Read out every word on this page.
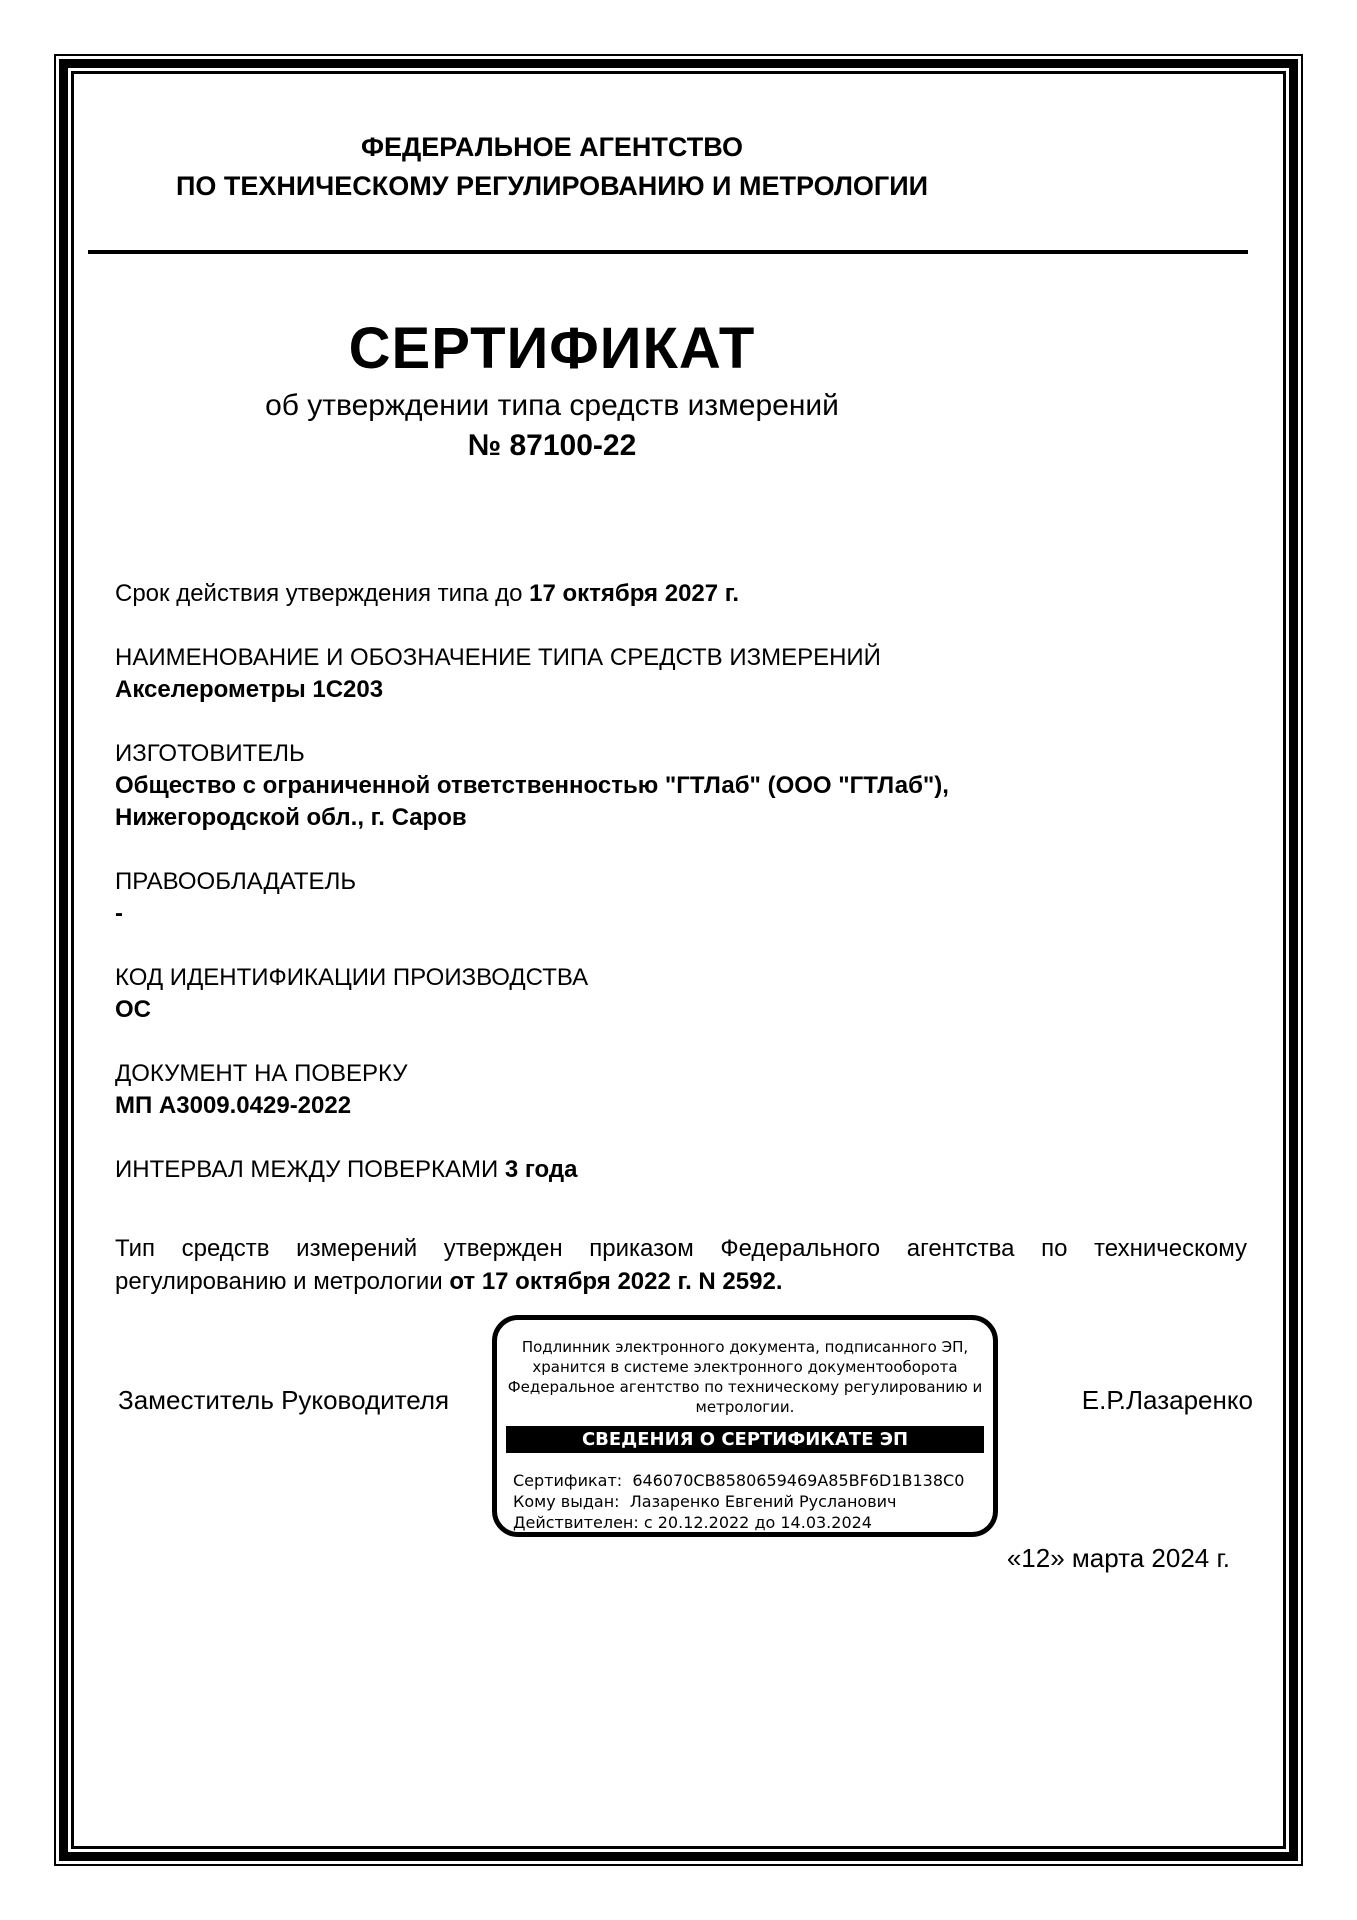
ФЕДЕРАЛЬНОЕ АГЕНТСТВО
ПО ТЕХНИЧЕСКОМУ РЕГУЛИРОВАНИЮ И МЕТРОЛОГИИ
СЕРТИФИКАТ
об утверждении типа средств измерений
№ 87100-22

Срок действия утверждения типа до 17 октября 2027 г.

НАИМЕНОВАНИЕ И ОБОЗНАЧЕНИЕ ТИПА СРЕДСТВ ИЗМЕРЕНИЙ
Акселерометры 1С203

ИЗГОТОВИТЕЛЬ
Общество с ограниченной ответственностью "ГТЛаб" (ООО "ГТЛаб"),
Нижегородской обл., г. Саров

ПРАВООБЛАДАТЕЛЬ
-

КОД ИДЕНТИФИКАЦИИ ПРОИЗВОДСТВА
ОС

ДОКУМЕНТ НА ПОВЕРКУ
МП А3009.0429-2022

ИНТЕРВАЛ МЕЖДУ ПОВЕРКАМИ 3 года

Тип средств измерений утвержден приказом Федерального агентства по техническому регулированию и метрологии от 17 октября 2022 г. N 2592.

Заместитель Руководителя	Е.Р.Лазаренко
Подлинник электронного документа, подписанного ЭП,
хранится в системе электронного документооборота
Федеральное агентство по техническому регулированию и
метрологии.
СВЕДЕНИЯ О СЕРТИФИКАТЕ ЭП
Сертификат:  646070CB8580659469A85BF6D1B138C0
Кому выдан:  Лазаренко Евгений Русланович
Действителен: с 20.12.2022 до 14.03.2024
«12» марта 2024 г.
